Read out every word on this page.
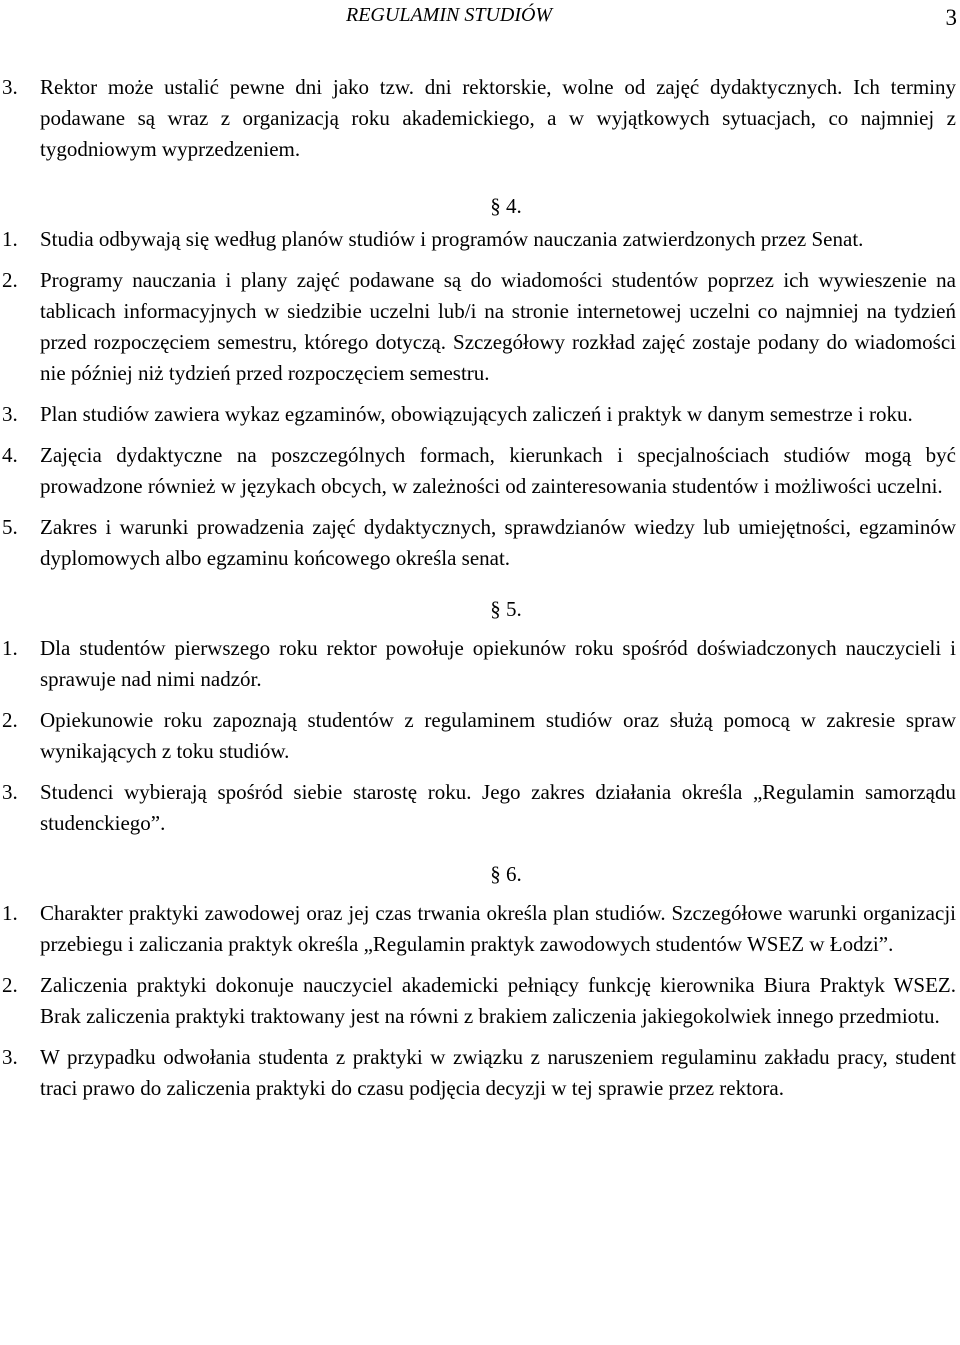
REGULAMIN STUDIÓW	3

3. Rektor może ustalić pewne dni jako tzw. dni rektorskie, wolne od zajęć dydaktycznych. Ich terminy podawane są wraz z organizacją roku akademickiego, a w wyjątkowych sytuacjach, co najmniej z tygodniowym wyprzedzeniem.

§ 4.

1. Studia odbywają się według planów studiów i programów nauczania zatwierdzonych przez Senat.

2. Programy nauczania i plany zajęć podawane są do wiadomości studentów poprzez ich wywieszenie na tablicach informacyjnych w siedzibie uczelni lub/i na stronie internetowej uczelni co najmniej na tydzień przed rozpoczęciem semestru, którego dotyczą. Szczegółowy rozkład zajęć zostaje podany do wiadomości nie później niż tydzień przed rozpoczęciem semestru.

3. Plan studiów zawiera wykaz egzaminów, obowiązujących zaliczeń i praktyk w danym semestrze i roku.

4. Zajęcia dydaktyczne na poszczególnych formach, kierunkach i specjalnościach studiów mogą być prowadzone również w językach obcych, w zależności od zainteresowania studentów i możliwości uczelni.

5. Zakres i warunki prowadzenia zajęć dydaktycznych, sprawdzianów wiedzy lub umiejętności, egzaminów dyplomowych albo egzaminu końcowego określa senat.

§ 5.

1. Dla studentów pierwszego roku rektor powołuje opiekunów roku spośród doświadczonych nauczycieli i sprawuje nad nimi nadzór.

2. Opiekunowie roku zapoznają studentów z regulaminem studiów oraz służą pomocą w zakresie spraw wynikających z toku studiów.

3. Studenci wybierają spośród siebie starostę roku. Jego zakres działania określa „Regulamin samorządu studenckiego”.

§ 6.

1. Charakter praktyki zawodowej oraz jej czas trwania określa plan studiów. Szczegółowe warunki organizacji przebiegu i zaliczania praktyk określa „Regulamin praktyk zawodowych studentów WSEZ w Łodzi”.

2. Zaliczenia praktyki dokonuje nauczyciel akademicki pełniący funkcję kierownika Biura Praktyk WSEZ. Brak zaliczenia praktyki traktowany jest na równi z brakiem zaliczenia jakiegokolwiek innego przedmiotu.

3. W przypadku odwołania studenta z praktyki w związku z naruszeniem regulaminu zakładu pracy, student traci prawo do zaliczenia praktyki do czasu podjęcia decyzji w tej sprawie przez rektora.
